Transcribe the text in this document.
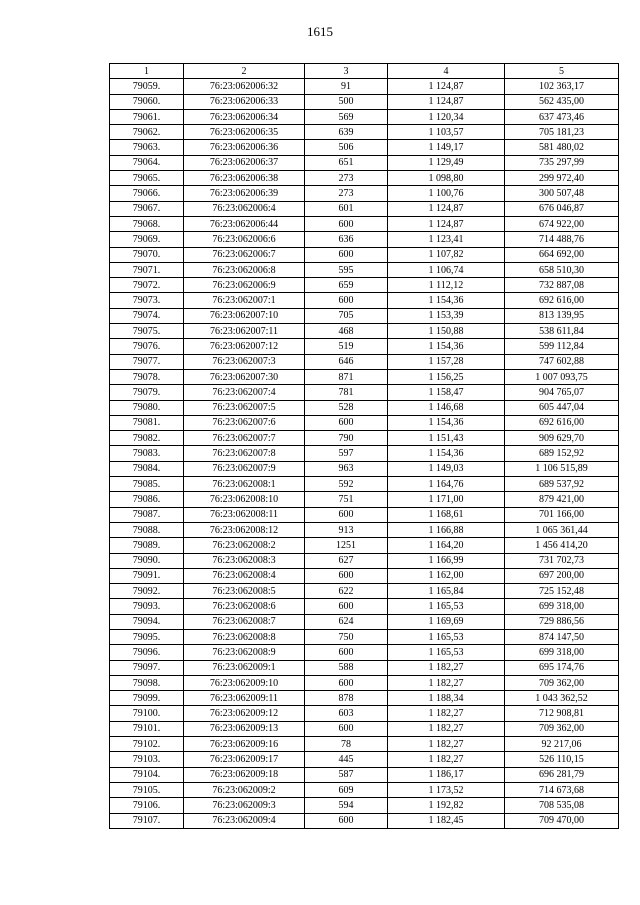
1615
1	2	3	4	5
79059.	76:23:062006:32	91	1 124,87	102 363,17
79060.	76:23:062006:33	500	1 124,87	562 435,00
79061.	76:23:062006:34	569	1 120,34	637 473,46
79062.	76:23:062006:35	639	1 103,57	705 181,23
79063.	76:23:062006:36	506	1 149,17	581 480,02
79064.	76:23:062006:37	651	1 129,49	735 297,99
79065.	76:23:062006:38	273	1 098,80	299 972,40
79066.	76:23:062006:39	273	1 100,76	300 507,48
79067.	76:23:062006:4	601	1 124,87	676 046,87
79068.	76:23:062006:44	600	1 124,87	674 922,00
79069.	76:23:062006:6	636	1 123,41	714 488,76
79070.	76:23:062006:7	600	1 107,82	664 692,00
79071.	76:23:062006:8	595	1 106,74	658 510,30
79072.	76:23:062006:9	659	1 112,12	732 887,08
79073.	76:23:062007:1	600	1 154,36	692 616,00
79074.	76:23:062007:10	705	1 153,39	813 139,95
79075.	76:23:062007:11	468	1 150,88	538 611,84
79076.	76:23:062007:12	519	1 154,36	599 112,84
79077.	76:23:062007:3	646	1 157,28	747 602,88
79078.	76:23:062007:30	871	1 156,25	1 007 093,75
79079.	76:23:062007:4	781	1 158,47	904 765,07
79080.	76:23:062007:5	528	1 146,68	605 447,04
79081.	76:23:062007:6	600	1 154,36	692 616,00
79082.	76:23:062007:7	790	1 151,43	909 629,70
79083.	76:23:062007:8	597	1 154,36	689 152,92
79084.	76:23:062007:9	963	1 149,03	1 106 515,89
79085.	76:23:062008:1	592	1 164,76	689 537,92
79086.	76:23:062008:10	751	1 171,00	879 421,00
79087.	76:23:062008:11	600	1 168,61	701 166,00
79088.	76:23:062008:12	913	1 166,88	1 065 361,44
79089.	76:23:062008:2	1251	1 164,20	1 456 414,20
79090.	76:23:062008:3	627	1 166,99	731 702,73
79091.	76:23:062008:4	600	1 162,00	697 200,00
79092.	76:23:062008:5	622	1 165,84	725 152,48
79093.	76:23:062008:6	600	1 165,53	699 318,00
79094.	76:23:062008:7	624	1 169,69	729 886,56
79095.	76:23:062008:8	750	1 165,53	874 147,50
79096.	76:23:062008:9	600	1 165,53	699 318,00
79097.	76:23:062009:1	588	1 182,27	695 174,76
79098.	76:23:062009:10	600	1 182,27	709 362,00
79099.	76:23:062009:11	878	1 188,34	1 043 362,52
79100.	76:23:062009:12	603	1 182,27	712 908,81
79101.	76:23:062009:13	600	1 182,27	709 362,00
79102.	76:23:062009:16	78	1 182,27	92 217,06
79103.	76:23:062009:17	445	1 182,27	526 110,15
79104.	76:23:062009:18	587	1 186,17	696 281,79
79105.	76:23:062009:2	609	1 173,52	714 673,68
79106.	76:23:062009:3	594	1 192,82	708 535,08
79107.	76:23:062009:4	600	1 182,45	709 470,00
